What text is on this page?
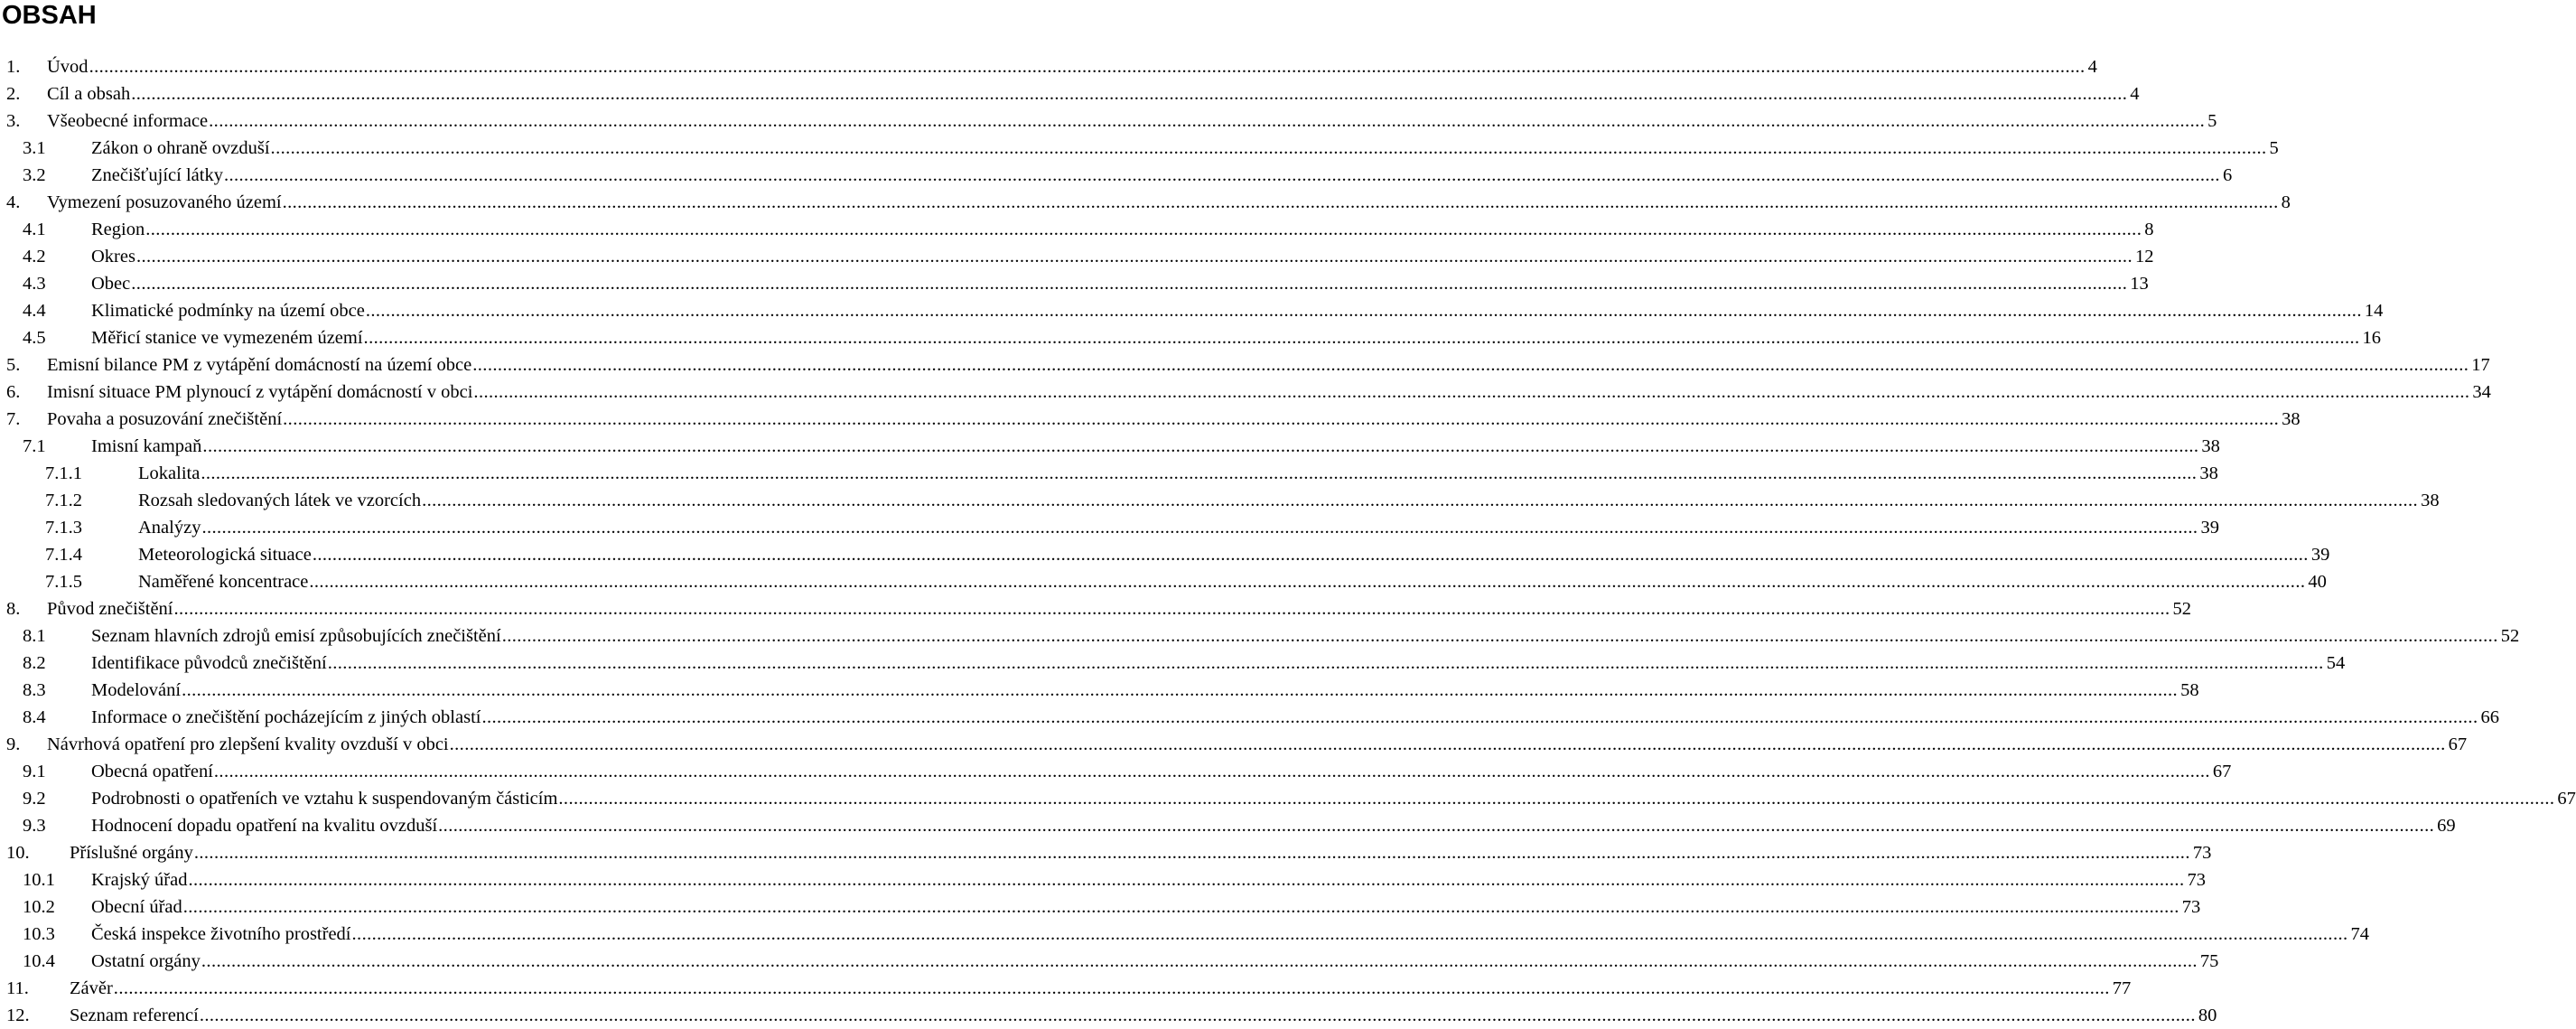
OBSAH
1. Úvod ................................................................................................................................................................................................................................................................................................................................................................................................................ 4
2. Cíl a obsah ................................................................................................................................................................................................................................................................................................................................................................................................................ 4
3. Všeobecné informace ................................................................................................................................................................................................................................................................................................................................................................................................................ 5
3.1 Zákon o ohraně ovzduší ................................................................................................................................................................................................................................................................................................................................................................................................................ 5
3.2 Znečišťující látky ................................................................................................................................................................................................................................................................................................................................................................................................................ 6
4. Vymezení posuzovaného území ................................................................................................................................................................................................................................................................................................................................................................................................................ 8
4.1 Region ................................................................................................................................................................................................................................................................................................................................................................................................................ 8
4.2 Okres ................................................................................................................................................................................................................................................................................................................................................................................................................ 12
4.3 Obec ................................................................................................................................................................................................................................................................................................................................................................................................................ 13
4.4 Klimatické podmínky na území obce ................................................................................................................................................................................................................................................................................................................................................................................................................ 14
4.5 Měřicí stanice ve vymezeném území ................................................................................................................................................................................................................................................................................................................................................................................................................ 16
5. Emisní bilance PM z vytápění domácností na území obce ................................................................................................................................................................................................................................................................................................................................................................................................................ 17
6. Imisní situace PM plynoucí z vytápění domácností v obci ................................................................................................................................................................................................................................................................................................................................................................................................................ 34
7. Povaha a posuzování znečištění ................................................................................................................................................................................................................................................................................................................................................................................................................ 38
7.1 Imisní kampaň ................................................................................................................................................................................................................................................................................................................................................................................................................ 38
7.1.1	Lokalita ................................................................................................................................................................................................................................................................................................................................................................................................................ 38
7.1.2	Rozsah sledovaných látek ve vzorcích ................................................................................................................................................................................................................................................................................................................................................................................................................ 38
7.1.3	Analýzy ................................................................................................................................................................................................................................................................................................................................................................................................................ 39
7.1.4	Meteorologická situace ................................................................................................................................................................................................................................................................................................................................................................................................................ 39
7.1.5	Naměřené koncentrace ................................................................................................................................................................................................................................................................................................................................................................................................................ 40
8. Původ znečištění ................................................................................................................................................................................................................................................................................................................................................................................................................ 52
8.1 Seznam hlavních zdrojů emisí způsobujících znečištění ................................................................................................................................................................................................................................................................................................................................................................................................................ 52
8.2 Identifikace původců znečištění ................................................................................................................................................................................................................................................................................................................................................................................................................ 54
8.3 Modelování ................................................................................................................................................................................................................................................................................................................................................................................................................ 58
8.4 Informace o znečištění pocházejícím z jiných oblastí ................................................................................................................................................................................................................................................................................................................................................................................................................ 66
9. Návrhová opatření pro zlepšení kvality ovzduší v obci ................................................................................................................................................................................................................................................................................................................................................................................................................ 67
9.1 Obecná opatření ................................................................................................................................................................................................................................................................................................................................................................................................................ 67
9.2 Podrobnosti o opatřeních ve vztahu k suspendovaným částicím ................................................................................................................................................................................................................................................................................................................................................................................................................ 67
9.3 Hodnocení dopadu opatření na kvalitu ovzduší ................................................................................................................................................................................................................................................................................................................................................................................................................ 69
10. Příslušné orgány ................................................................................................................................................................................................................................................................................................................................................................................................................ 73
10.1 Krajský úřad ................................................................................................................................................................................................................................................................................................................................................................................................................ 73
10.2 Obecní úřad ................................................................................................................................................................................................................................................................................................................................................................................................................ 73
10.3 Česká inspekce životního prostředí ................................................................................................................................................................................................................................................................................................................................................................................................................ 74
10.4 Ostatní orgány ................................................................................................................................................................................................................................................................................................................................................................................................................ 75
11. Závěr ................................................................................................................................................................................................................................................................................................................................................................................................................ 77
12. Seznam referencí ................................................................................................................................................................................................................................................................................................................................................................................................................ 80
